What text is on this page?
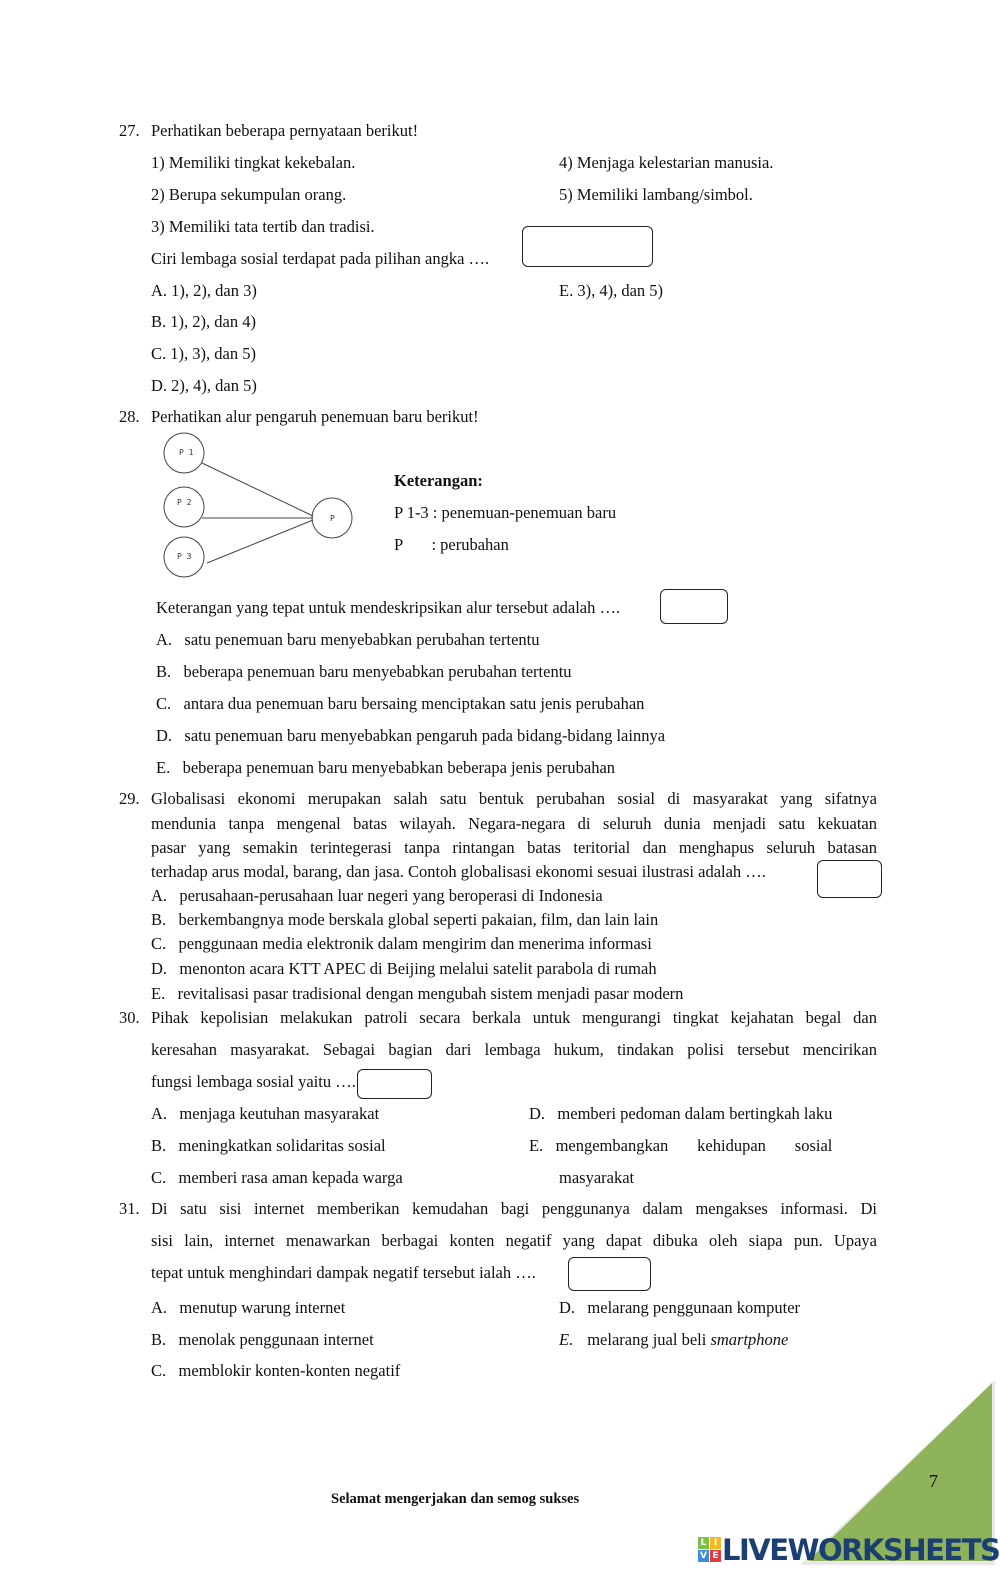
27. Perhatikan beberapa pernyataan berikut!
1) Memiliki tingkat kekebalan.
2) Berupa sekumpulan orang.
3) Memiliki tata tertib dan tradisi.
4) Menjaga kelestarian manusia.
5) Memiliki lambang/simbol.
Ciri lembaga sosial terdapat pada pilihan angka ….
A. 1), 2), dan 3)
B. 1), 2), dan 4)
C. 1), 3), dan 5)
D. 2), 4), dan 5)
E. 3), 4), dan 5)
28. Perhatikan alur pengaruh penemuan baru berikut!
P 1
P 2
P 3
P
Keterangan:
P 1-3 : penemuan-penemuan baru
P       : perubahan
Keterangan yang tepat untuk mendeskripsikan alur tersebut adalah ….
A.   satu penemuan baru menyebabkan perubahan tertentu
B.   beberapa penemuan baru menyebabkan perubahan tertentu
C.   antara dua penemuan baru bersaing menciptakan satu jenis perubahan
D.   satu penemuan baru menyebabkan pengaruh pada bidang-bidang lainnya
E.   beberapa penemuan baru menyebabkan beberapa jenis perubahan
29. Globalisasi ekonomi merupakan salah satu bentuk perubahan sosial di masyarakat yang sifatnya
mendunia tanpa mengenal batas wilayah. Negara-negara di seluruh dunia menjadi satu kekuatan
pasar yang semakin terintegerasi tanpa rintangan batas teritorial dan menghapus seluruh batasan
terhadap arus modal, barang, dan jasa. Contoh globalisasi ekonomi sesuai ilustrasi adalah ….
A.   perusahaan-perusahaan luar negeri yang beroperasi di Indonesia
B.   berkembangnya mode berskala global seperti pakaian, film, dan lain lain
C.   penggunaan media elektronik dalam mengirim dan menerima informasi
D.   menonton acara KTT APEC di Beijing melalui satelit parabola di rumah
E.   revitalisasi pasar tradisional dengan mengubah sistem menjadi pasar modern
30. Pihak kepolisian melakukan patroli secara berkala untuk mengurangi tingkat kejahatan begal dan
keresahan masyarakat. Sebagai bagian dari lembaga hukum, tindakan polisi tersebut mencirikan
fungsi lembaga sosial yaitu ….
A.   menjaga keutuhan masyarakat
B.   meningkatkan solidaritas sosial
C.   memberi rasa aman kepada warga
D.   memberi pedoman dalam bertingkah laku
E.   mengembangkan       kehidupan       sosial
masyarakat
31. Di satu sisi internet memberikan kemudahan bagi penggunanya dalam mengakses informasi. Di
sisi lain, internet menawarkan berbagai konten negatif yang dapat dibuka oleh siapa pun. Upaya
tepat untuk menghindari dampak negatif tersebut ialah ….
A.   menutup warung internet
B.   menolak penggunaan internet
C.   memblokir konten-konten negatif
D.   melarang penggunaan komputer
E. melarang jual beli smartphone
7
Selamat mengerjakan dan semog sukses
L I
V E LIVEWORKSHEETS
